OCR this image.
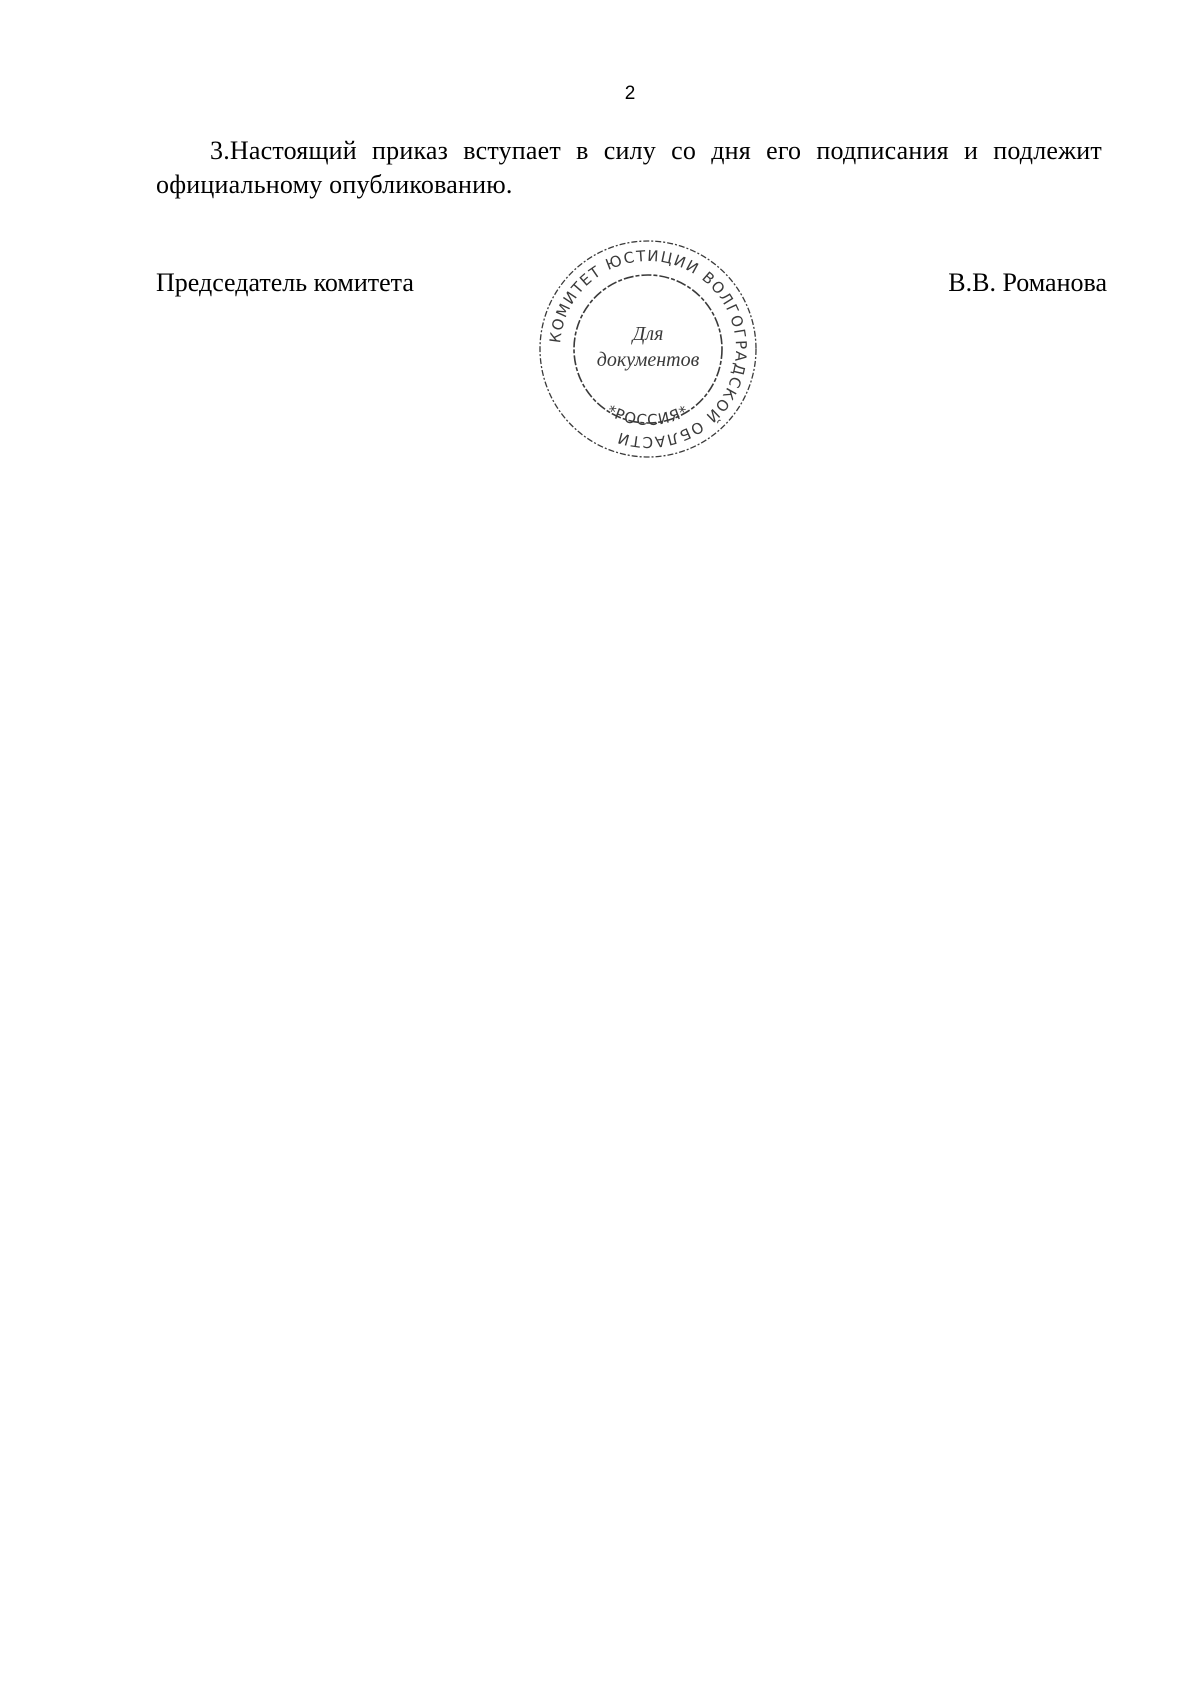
2

3.Настоящий приказ вступает в силу со дня его подписания и подлежит официальному опубликованию.

Председатель комитета
КОМИТЕТ ЮСТИЦИИ ВОЛГОГРАДСКОЙ ОБЛАСТИ
*РОССИЯ*
Для
документов
В.В. Романова
